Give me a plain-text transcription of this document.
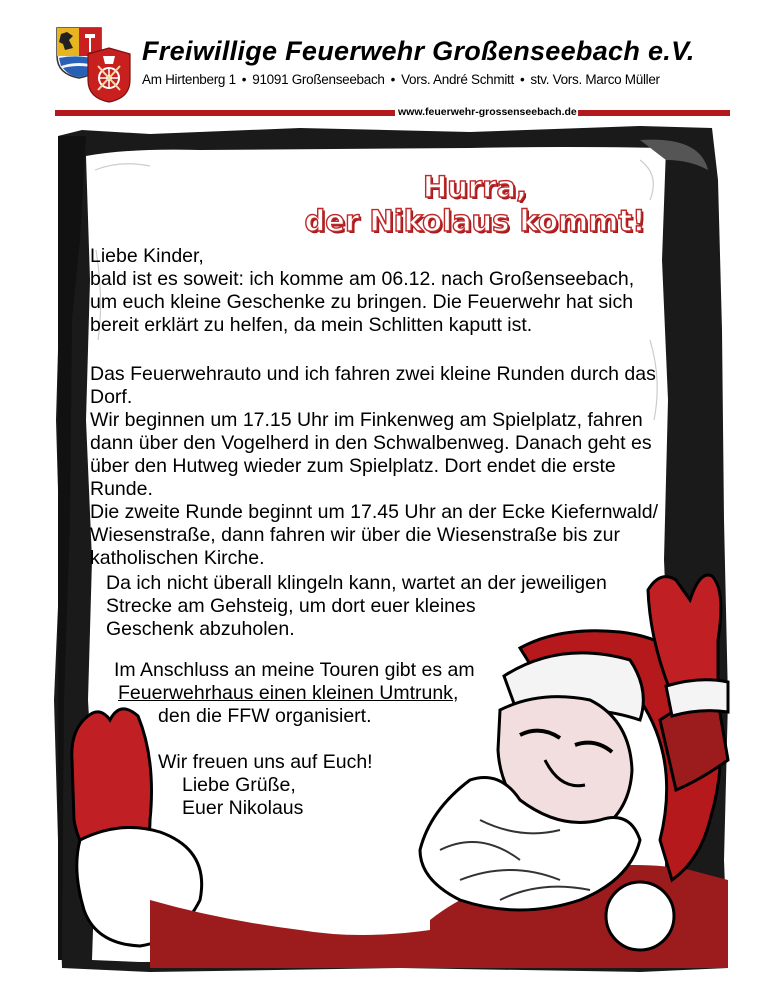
Freiwillige Feuerwehr Großenseebach e.V.
Am Hirtenberg 1 • 91091 Großenseebach • Vors. André Schmitt • stv. Vors. Marco Müller
www.feuerwehr-grossenseebach.de
Hurra,
der Nikolaus kommt!

Liebe Kinder,

bald ist es soweit: ich komme am 06.12. nach Großenseebach,

um euch kleine Geschenke zu bringen. Die Feuerwehr hat sich

bereit erklärt zu helfen, da mein Schlitten kaputt ist.

Das Feuerwehrauto und ich fahren zwei kleine Runden durch das

Dorf.

Wir beginnen um 17.15 Uhr im Finkenweg am Spielplatz, fahren

dann über den Vogelherd in den Schwalbenweg. Danach geht es

über den Hutweg wieder zum Spielplatz. Dort endet die erste

Runde.

Die zweite Runde beginnt um 17.45 Uhr an der Ecke Kiefernwald/

Wiesenstraße, dann fahren wir über die Wiesenstraße bis zur

katholischen Kirche.

Da ich nicht überall klingeln kann, wartet an der jeweiligen

Strecke am Gehsteig, um dort euer kleines

Geschenk abzuholen.

Im Anschluss an meine Touren gibt es am

Feuerwehrhaus einen kleinen Umtrunk,

den die FFW organisiert.

Wir freuen uns auf Euch!

Liebe Grüße,

Euer Nikolaus
